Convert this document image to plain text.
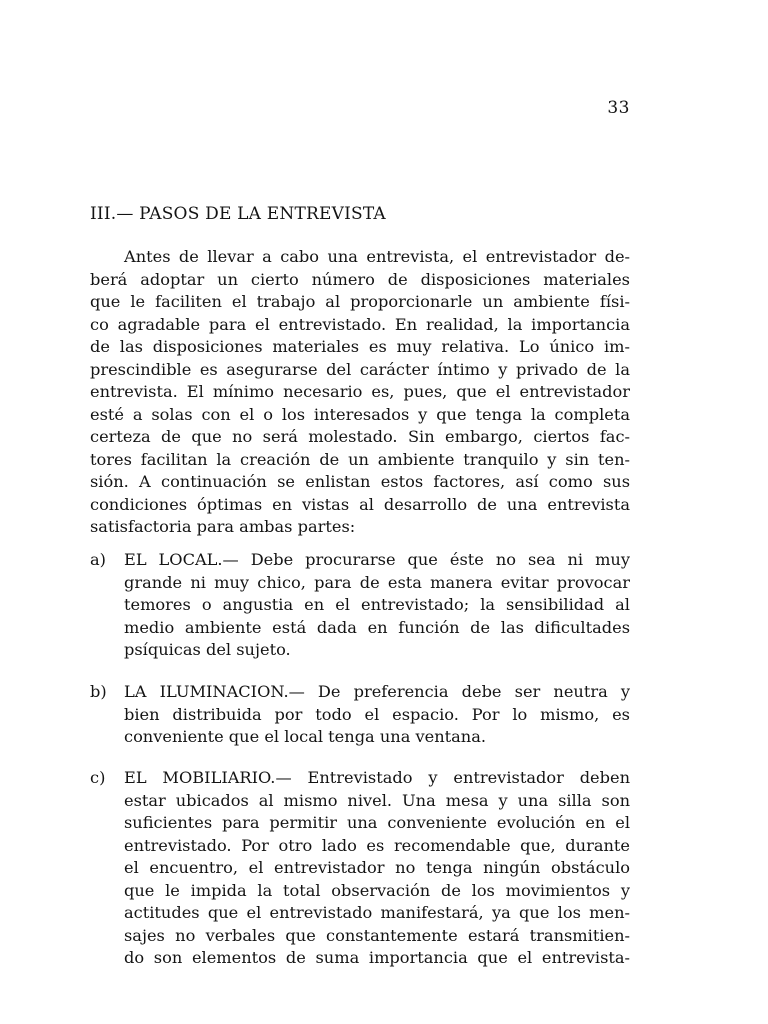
33
III.— PASOS DE LA ENTREVISTA
Antes de llevar a cabo una entrevista, el entrevistador de-
berá adoptar un cierto número de disposiciones materiales
que le faciliten el trabajo al proporcionarle un ambiente físi-
co agradable para el entrevistado. En realidad, la importancia
de las disposiciones materiales es muy relativa. Lo único im-
prescindible es asegurarse del carácter íntimo y privado de la
entrevista. El mínimo necesario es, pues, que el entrevistador
esté a solas con el o los interesados y que tenga la completa
certeza de que no será molestado. Sin embargo, ciertos fac-
tores facilitan la creación de un ambiente tranquilo y sin ten-
sión. A continuación se enlistan estos factores, así como sus
condiciones óptimas en vistas al desarrollo de una entrevista
satisfactoria para ambas partes:
a) EL LOCAL.— Debe procurarse que éste no sea ni muy
grande ni muy chico, para de esta manera evitar provocar
temores o angustia en el entrevistado; la sensibilidad al
medio ambiente está dada en función de las dificultades
psíquicas del sujeto.
b) LA ILUMINACION.— De preferencia debe ser neutra y
bien distribuida por todo el espacio. Por lo mismo, es
conveniente que el local tenga una ventana.
c) EL MOBILIARIO.— Entrevistado y entrevistador deben
estar ubicados al mismo nivel. Una mesa y una silla son
suficientes para permitir una conveniente evolución en el
entrevistado. Por otro lado es recomendable que, durante
el encuentro, el entrevistador no tenga ningún obstáculo
que le impida la total observación de los movimientos y
actitudes que el entrevistado manifestará, ya que los men-
sajes no verbales que constantemente estará transmitien-
do son elementos de suma importancia que el entrevista-
